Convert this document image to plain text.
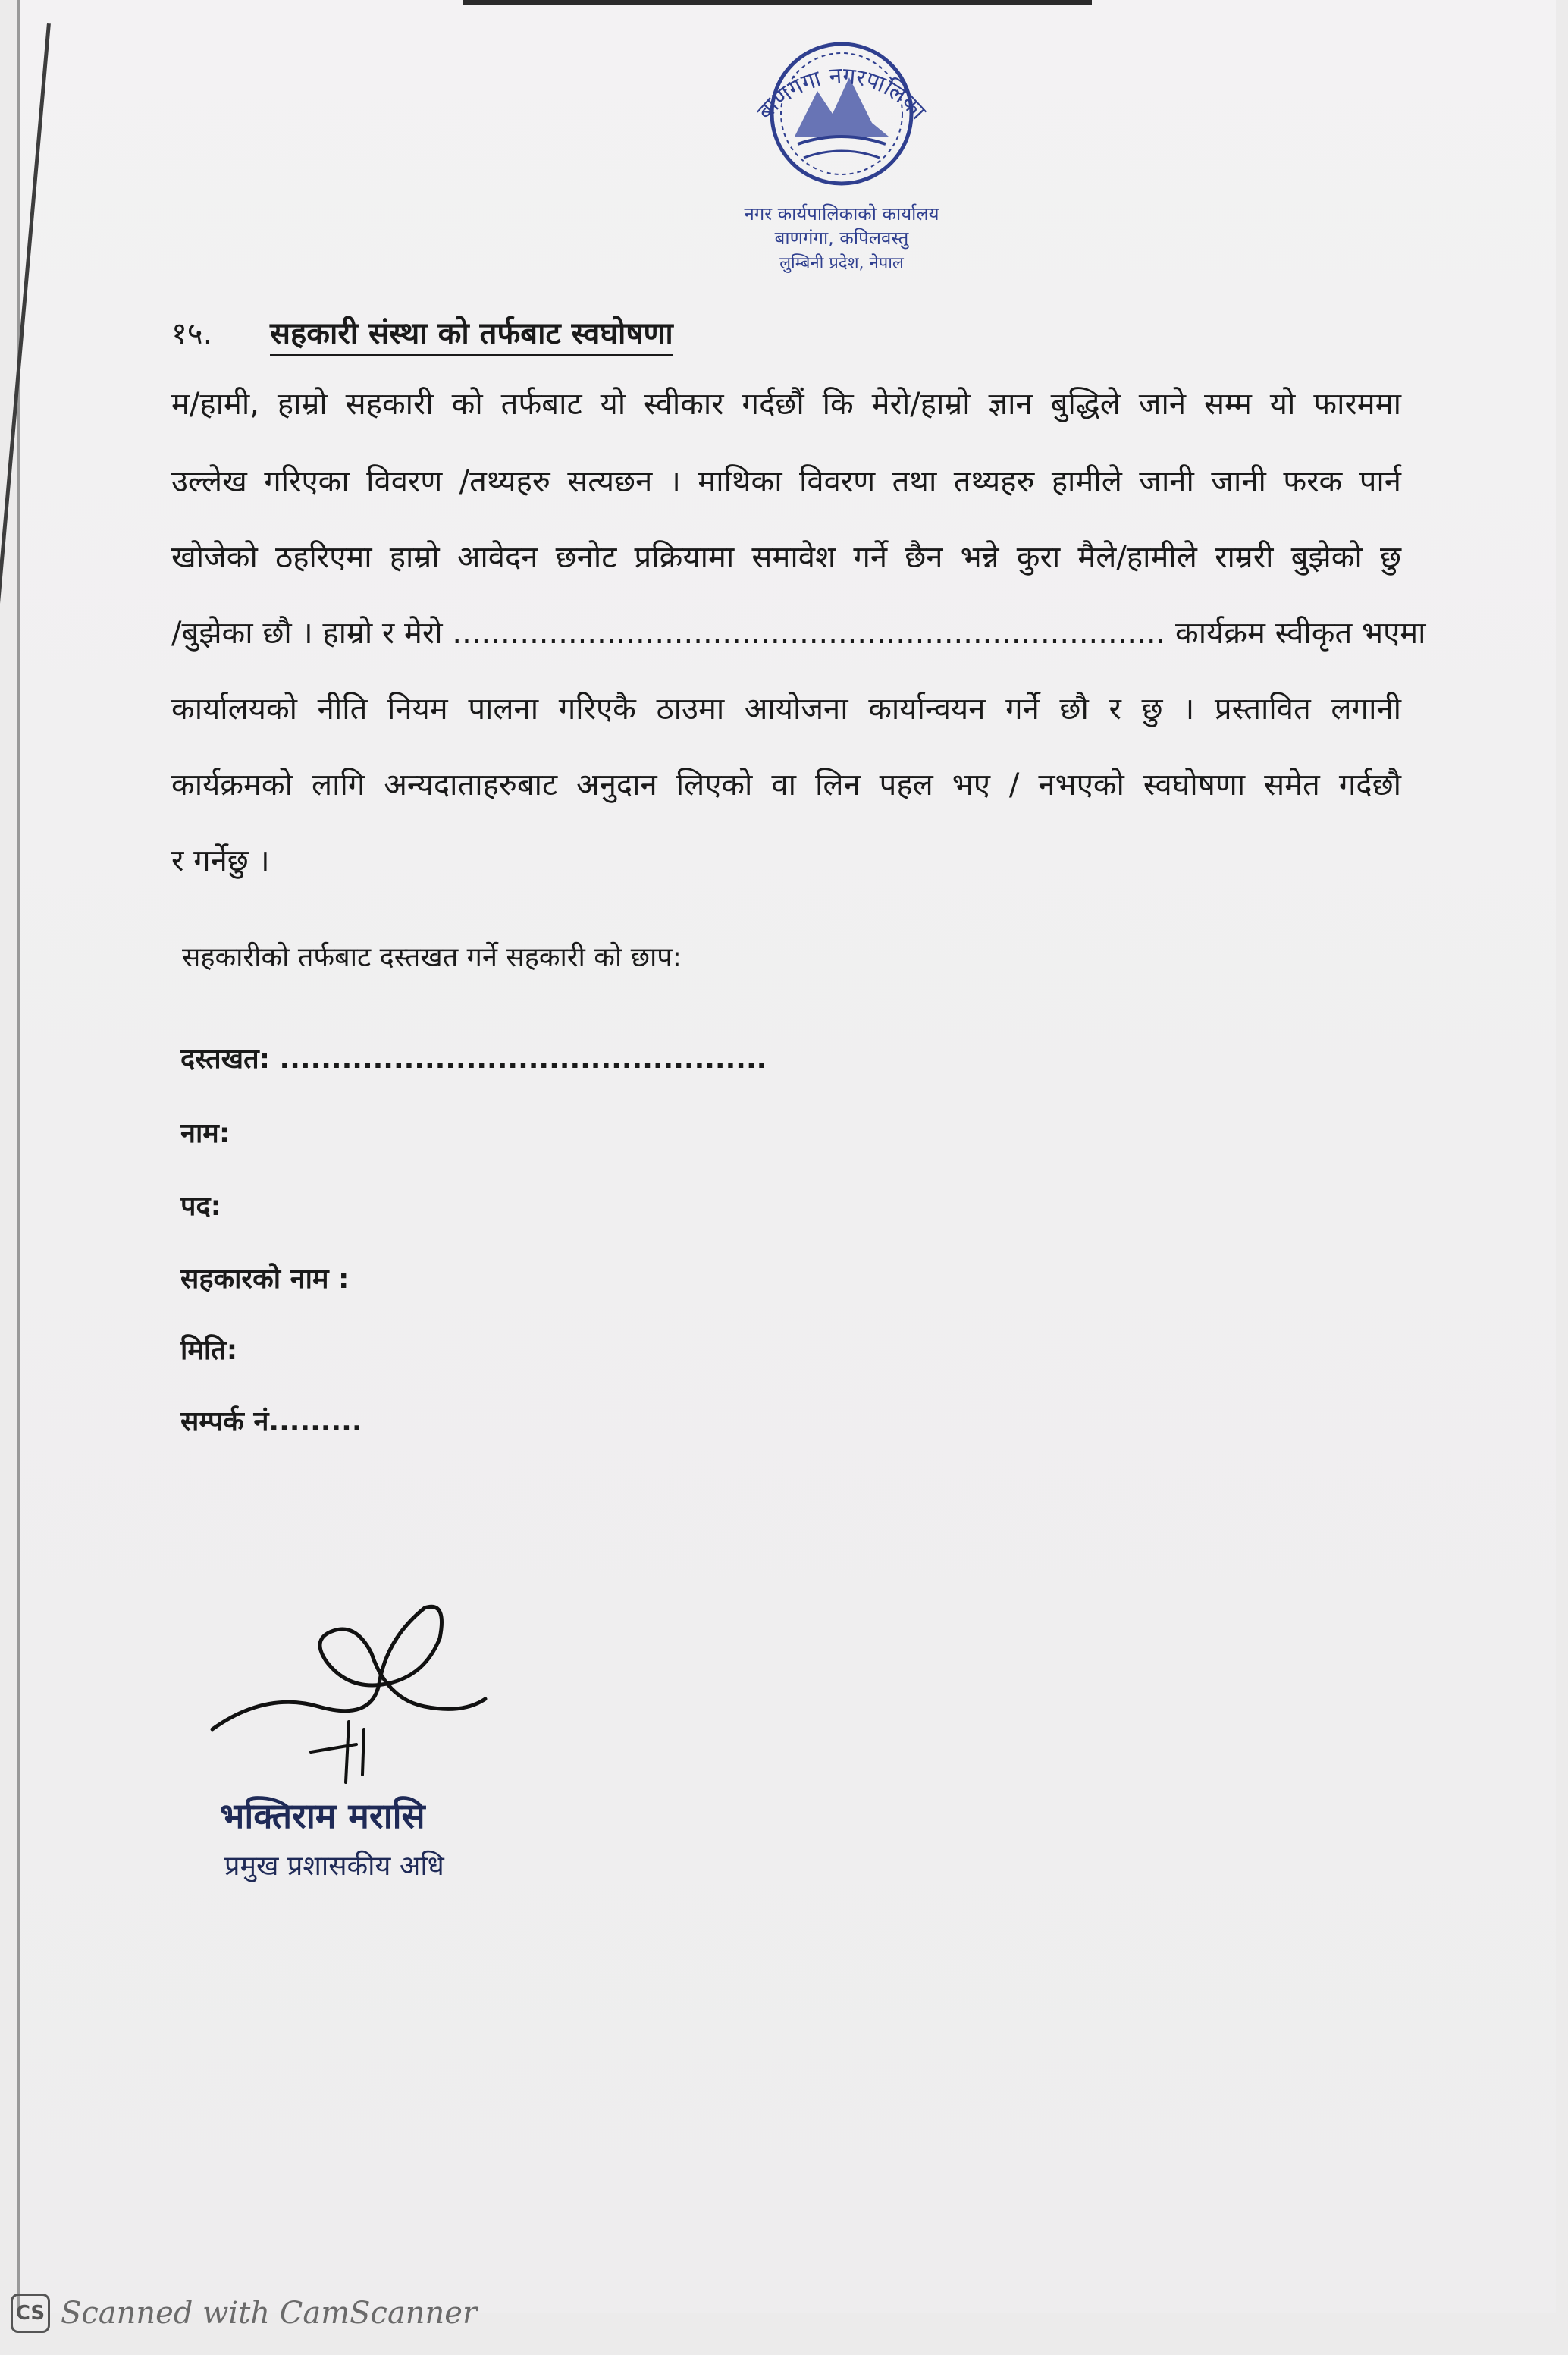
बाणगंगा नगरपालिका
नगर कार्यपालिकाको कार्यालय
बाणगंगा, कपिलवस्तु
लुम्बिनी प्रदेश, नेपाल
१५. सहकारी संस्था को तर्फबाट स्वघोषणा
म/हामी, हाम्रो सहकारी को तर्फबाट यो स्वीकार गर्दछौं कि मेरो/हाम्रो ज्ञान बुद्धिले जाने सम्म यो फारममा
उल्लेख गरिएका विवरण /तथ्यहरु सत्यछन । माथिका विवरण तथा तथ्यहरु हामीले जानी जानी फरक पार्न
खोजेको ठहरिएमा हाम्रो आवेदन छनोट प्रक्रियामा समावेश गर्ने छैन भन्ने कुरा मैले/हामीले राम्ररी बुझेको छु
/बुझेका छौ । हाम्रो र मेरो .......................................................................... कार्यक्रम स्वीकृत भएमा
कार्यालयको नीति नियम पालना गरिएकै ठाउमा आयोजना कार्यान्वयन गर्ने छौ र छु । प्रस्तावित लगानी
कार्यक्रमको लागि अन्यदाताहरुबाट अनुदान लिएको वा लिन पहल भए / नभएको स्वघोषणा समेत गर्दछौ
र गर्नेछु ।
सहकारीको तर्फबाट दस्तखत गर्ने सहकारी को छाप:
दस्तखत: ...............................................
नाम:
पद:
सहकारको नाम :
मिति:
सम्पर्क नं.........
भक्तिराम मरासि
प्रमुख प्रशासकीय अधि
CS Scanned with CamScanner
